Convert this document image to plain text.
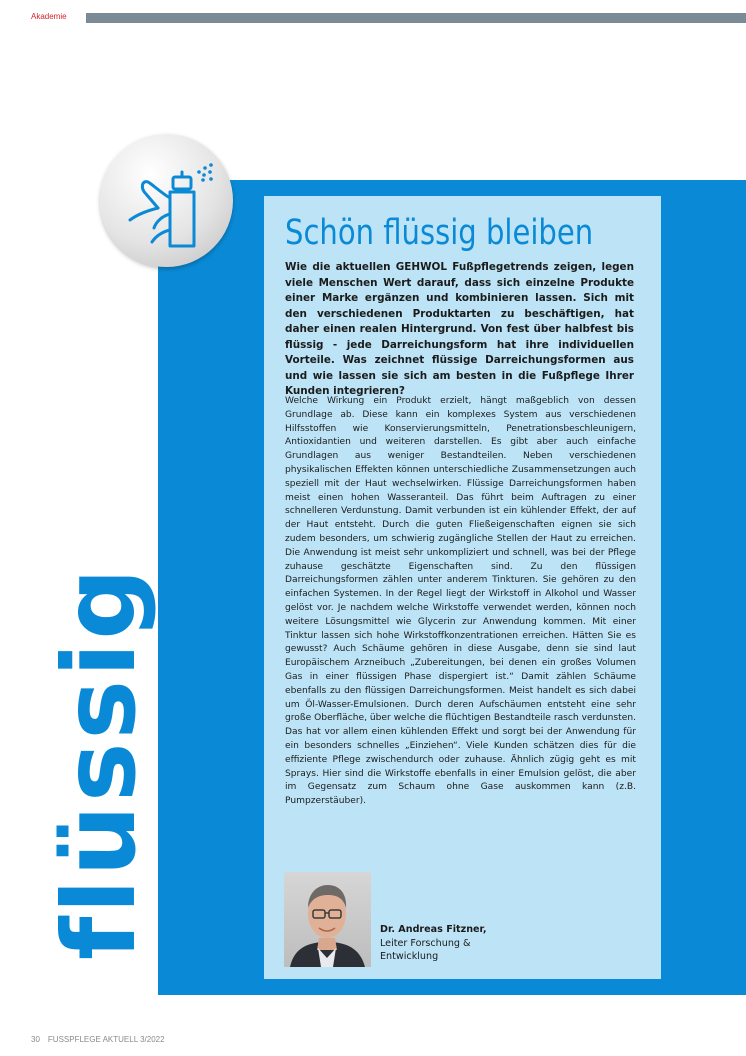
Akademie
flüssig
Schön flüssig bleiben

Wie die aktuellen GEHWOL Fußpflegetrends zeigen, legen viele Menschen Wert darauf, dass sich einzelne Produkte einer Marke ergänzen und kombinieren lassen. Sich mit den verschiedenen Produktarten zu beschäftigen, hat daher einen realen Hintergrund. Von fest über halbfest bis flüssig - jede Darreichungsform hat ihre individuellen Vorteile. Was zeichnet flüssige Darreichungsformen aus und wie lassen sie sich am besten in die Fußpflege Ihrer Kunden integrieren?

Welche Wirkung ein Produkt erzielt, hängt maßgeblich von dessen Grundlage ab. Diese kann ein komplexes System aus verschiedenen Hilfsstoffen wie Konservierungsmitteln, Penetrationsbeschleunigern, Antioxidantien und weiteren darstellen. Es gibt aber auch einfache Grundlagen aus weniger Bestandteilen. Neben verschiedenen physikalischen Effekten können unterschiedliche Zusammensetzungen auch speziell mit der Haut wechselwirken. Flüssige Darreichungsformen haben meist einen hohen Wasseranteil. Das führt beim Auftragen zu einer schnelleren Verdunstung. Damit verbunden ist ein kühlender Effekt, der auf der Haut entsteht. Durch die guten Fließeigenschaften eignen sie sich zudem besonders, um schwierig zugängliche Stellen der Haut zu erreichen. Die Anwendung ist meist sehr unkompliziert und schnell, was bei der Pflege zuhause geschätzte Eigenschaften sind. Zu den flüssigen Darreichungsformen zählen unter anderem Tinkturen. Sie gehören zu den einfachen Systemen. In der Regel liegt der Wirkstoff in Alkohol und Wasser gelöst vor. Je nachdem welche Wirkstoffe verwendet werden, können noch weitere Lösungsmittel wie Glycerin zur Anwendung kommen. Mit einer Tinktur lassen sich hohe Wirkstoffkonzentrationen erreichen. Hätten Sie es gewusst? Auch Schäume gehören in diese Ausgabe, denn sie sind laut Europäischem Arzneibuch „Zubereitungen, bei denen ein großes Volumen Gas in einer flüssigen Phase dispergiert ist.“ Damit zählen Schäume ebenfalls zu den flüssigen Darreichungsformen. Meist handelt es sich dabei um Öl-Wasser-Emulsionen. Durch deren Aufschäumen entsteht eine sehr große Oberfläche, über welche die flüchtigen Bestandteile rasch verdunsten. Das hat vor allem einen kühlenden Effekt und sorgt bei der Anwendung für ein besonders schnelles „Einziehen“. Viele Kunden schätzen dies für die effiziente Pflege zwischendurch oder zuhause. Ähnlich zügig geht es mit Sprays. Hier sind die Wirkstoffe ebenfalls in einer Emulsion gelöst, die aber im Gegensatz zum Schaum ohne Gase auskommen kann (z.B. Pumpzerstäuber).

Dr. Andreas Fitzner,
Leiter Forschung &
Entwicklung
30 FUSSPFLEGE AKTUELL 3/2022
